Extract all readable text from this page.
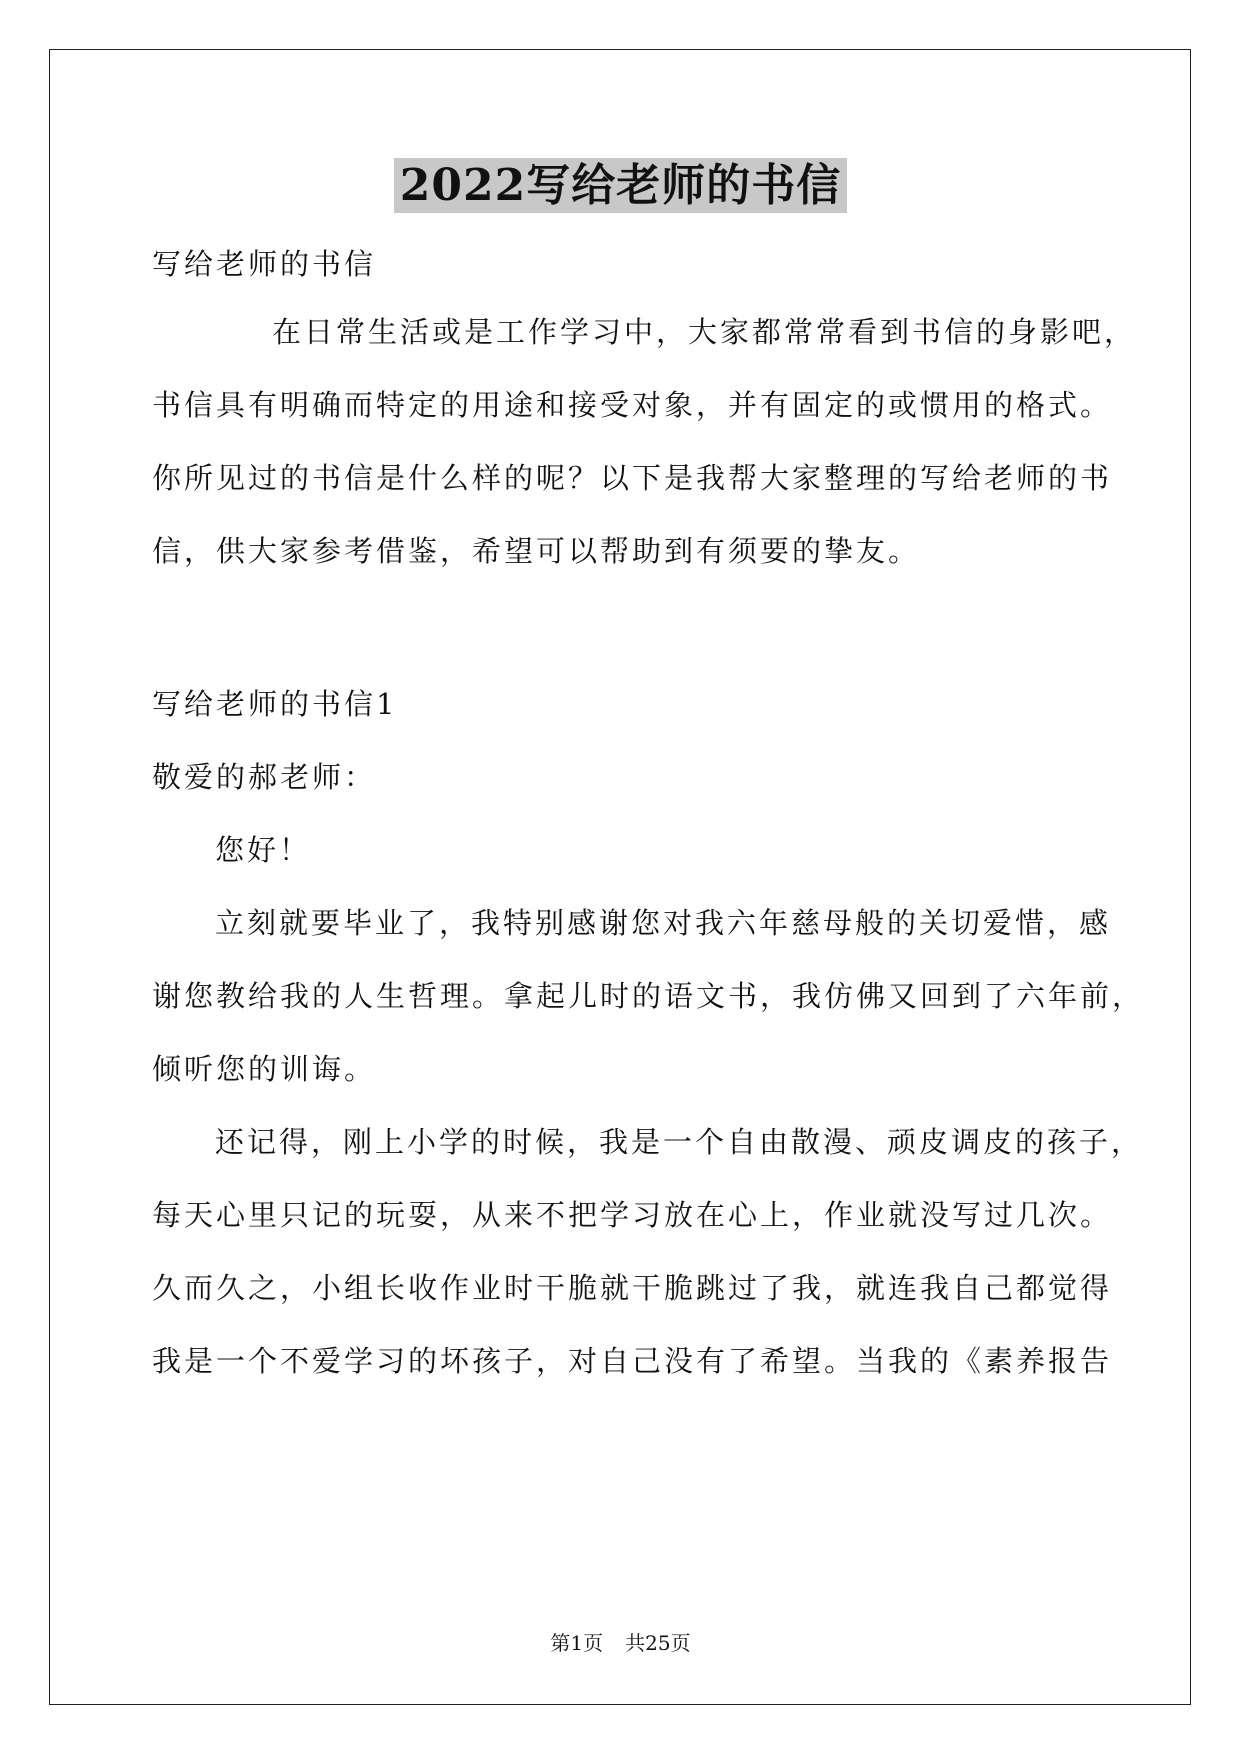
2022写给老师的书信
写给老师的书信
在日常生活或是工作学习中，大家都常常看到书信的身影吧，
书信具有明确而特定的用途和接受对象，并有固定的或惯用的格式。
你所见过的书信是什么样的呢？以下是我帮大家整理的写给老师的书
信，供大家参考借鉴，希望可以帮助到有须要的挚友。
写给老师的书信1
敬爱的郝老师：
您好！
立刻就要毕业了，我特别感谢您对我六年慈母般的关切爱惜，感
谢您教给我的人生哲理。拿起儿时的语文书，我仿佛又回到了六年前，
倾听您的训诲。
还记得，刚上小学的时候，我是一个自由散漫、顽皮调皮的孩子，
每天心里只记的玩耍，从来不把学习放在心上，作业就没写过几次。
久而久之，小组长收作业时干脆就干脆跳过了我，就连我自己都觉得
我是一个不爱学习的坏孩子，对自己没有了希望。当我的《素养报告
第1页 共25页
